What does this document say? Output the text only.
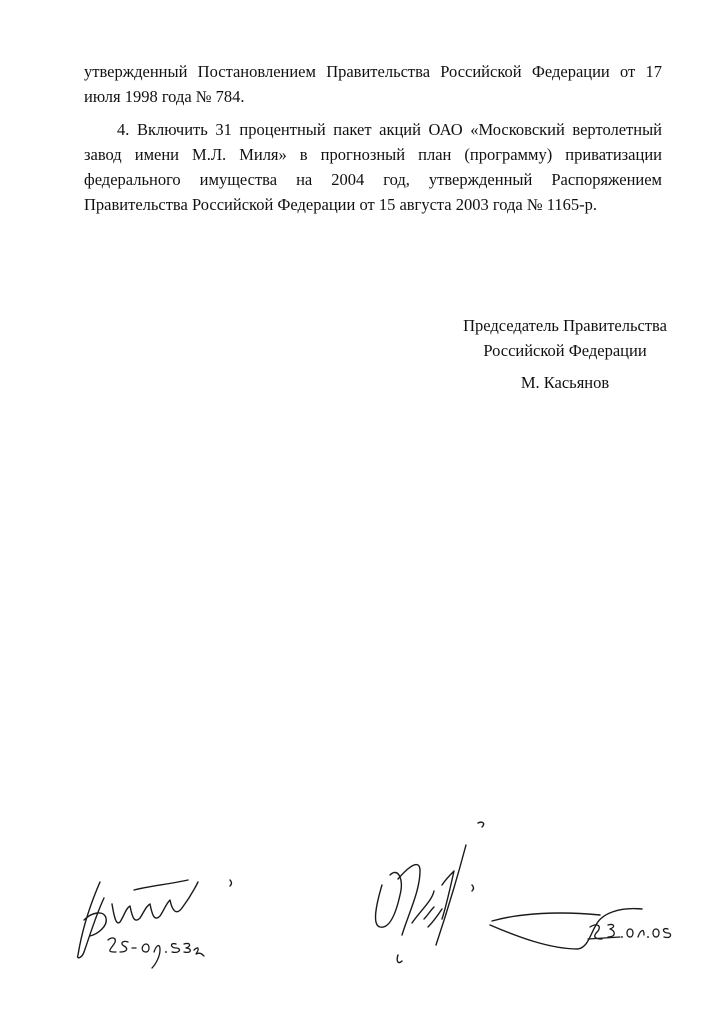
утвержденный Постановлением Правительства Российской Федерации от 17
июля 1998 года № 784.
4. Включить 31 процентный пакет акций ОАО «Московский вертолетный
завод имени М.Л. Миля» в прогнозный план (программу) приватизации
федерального имущества на 2004 год, утвержденный Распоряжением
Правительства Российской Федерации от 15 августа 2003 года № 1165-р.
Председатель Правительства
Российской Федерации
М. Касьянов
